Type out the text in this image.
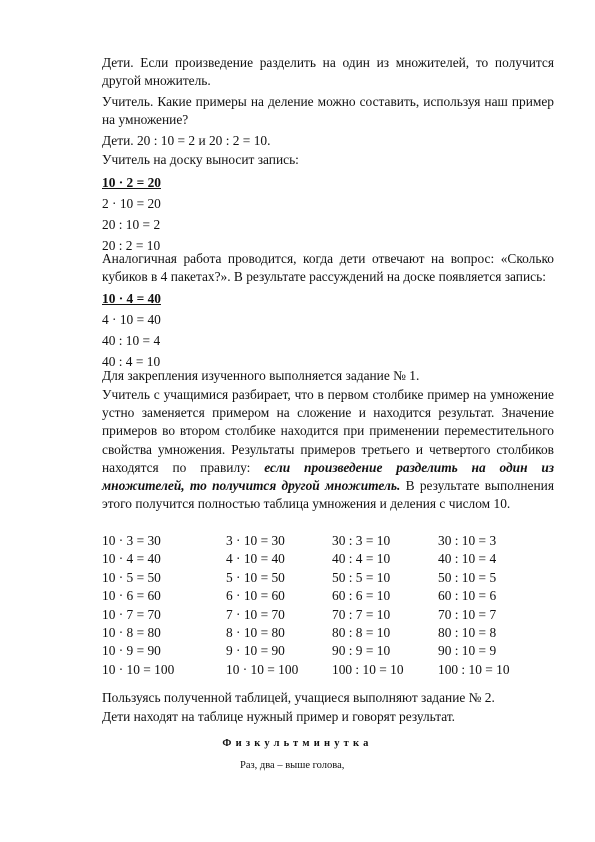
Дети. Если произведение разделить на один из множителей, то получится другой множитель.

Учитель. Какие примеры на деление можно составить, используя наш пример на умножение?

Дети. 20 : 10 = 2 и 20 : 2 = 10.

Учитель на доску выносит запись:

10 · 2 = 20
2 · 10 = 20
20 : 10 = 2
20 : 2 = 10

Аналогичная работа проводится, когда дети отвечают на вопрос: «Сколько кубиков в 4 пакетах?». В результате рассуждений на доске появляется запись:

10 · 4 = 40
4 · 10 = 40
40 : 10 = 4
40 : 4 = 10

Для закрепления изученного выполняется задание № 1.

Учитель с учащимися разбирает, что в первом столбике пример на умножение устно заменяется примером на сложение и находится результат. Значение примеров во втором столбике находится при применении переместительного свойства умножения. Результаты примеров третьего и четвертого столбиков находятся по правилу: если произведение разделить на один из множителей, то получится другой множитель. В результате выполнения этого получится полностью таблица умножения и деления с числом 10.

10 · 3 = 30
10 · 4 = 40
10 · 5 = 50
10 · 6 = 60
10 · 7 = 70
10 · 8 = 80
10 · 9 = 90
10 · 10 = 100
3 · 10 = 30
4 · 10 = 40
5 · 10 = 50
6 · 10 = 60
7 · 10 = 70
8 · 10 = 80
9 · 10 = 90
10 · 10 = 100
30 : 3 = 10
40 : 4 = 10
50 : 5 = 10
60 : 6 = 10
70 : 7 = 10
80 : 8 = 10
90 : 9 = 10
100 : 10 = 10
30 : 10 = 3
40 : 10 = 4
50 : 10 = 5
60 : 10 = 6
70 : 10 = 7
80 : 10 = 8
90 : 10 = 9
100 : 10 = 10

Пользуясь полученной таблицей, учащиеся выполняют задание № 2.

Дети находят на таблице нужный пример и говорят результат.

Физкультминутка
Раз, два – выше голова,
